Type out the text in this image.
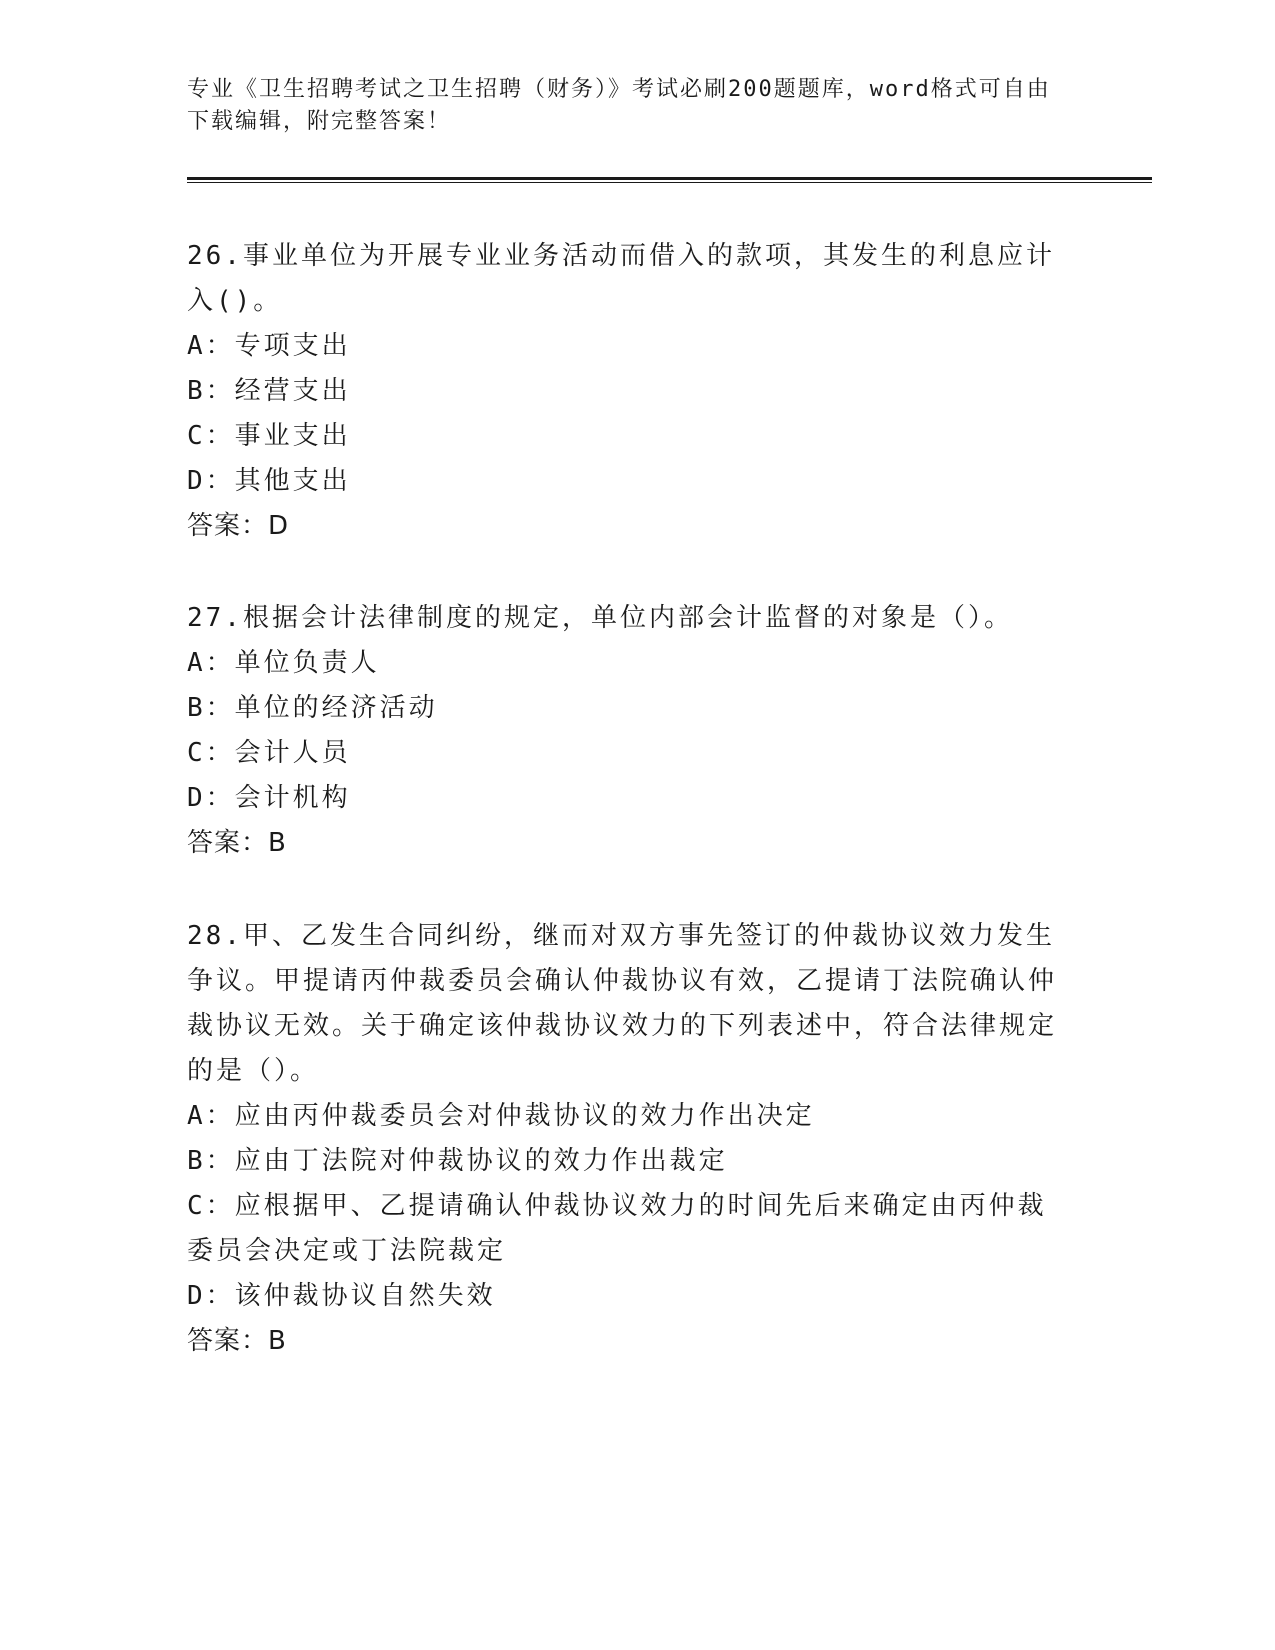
专业《卫生招聘考试之卫生招聘（财务）》考试必刷200题题库，word格式可自由下载编辑，附完整答案！

26.事业单位为开展专业业务活动而借入的款项，其发生的利息应计入()。

A：专项支出

B：经营支出

C：事业支出

D：其他支出

答案：D

27.根据会计法律制度的规定，单位内部会计监督的对象是（）。

A：单位负责人

B：单位的经济活动

C：会计人员

D：会计机构

答案：B

28.甲、乙发生合同纠纷，继而对双方事先签订的仲裁协议效力发生争议。甲提请丙仲裁委员会确认仲裁协议有效，乙提请丁法院确认仲裁协议无效。关于确定该仲裁协议效力的下列表述中，符合法律规定的是（）。

A：应由丙仲裁委员会对仲裁协议的效力作出决定

B：应由丁法院对仲裁协议的效力作出裁定

C：应根据甲、乙提请确认仲裁协议效力的时间先后来确定由丙仲裁委员会决定或丁法院裁定

D：该仲裁协议自然失效

答案：B
